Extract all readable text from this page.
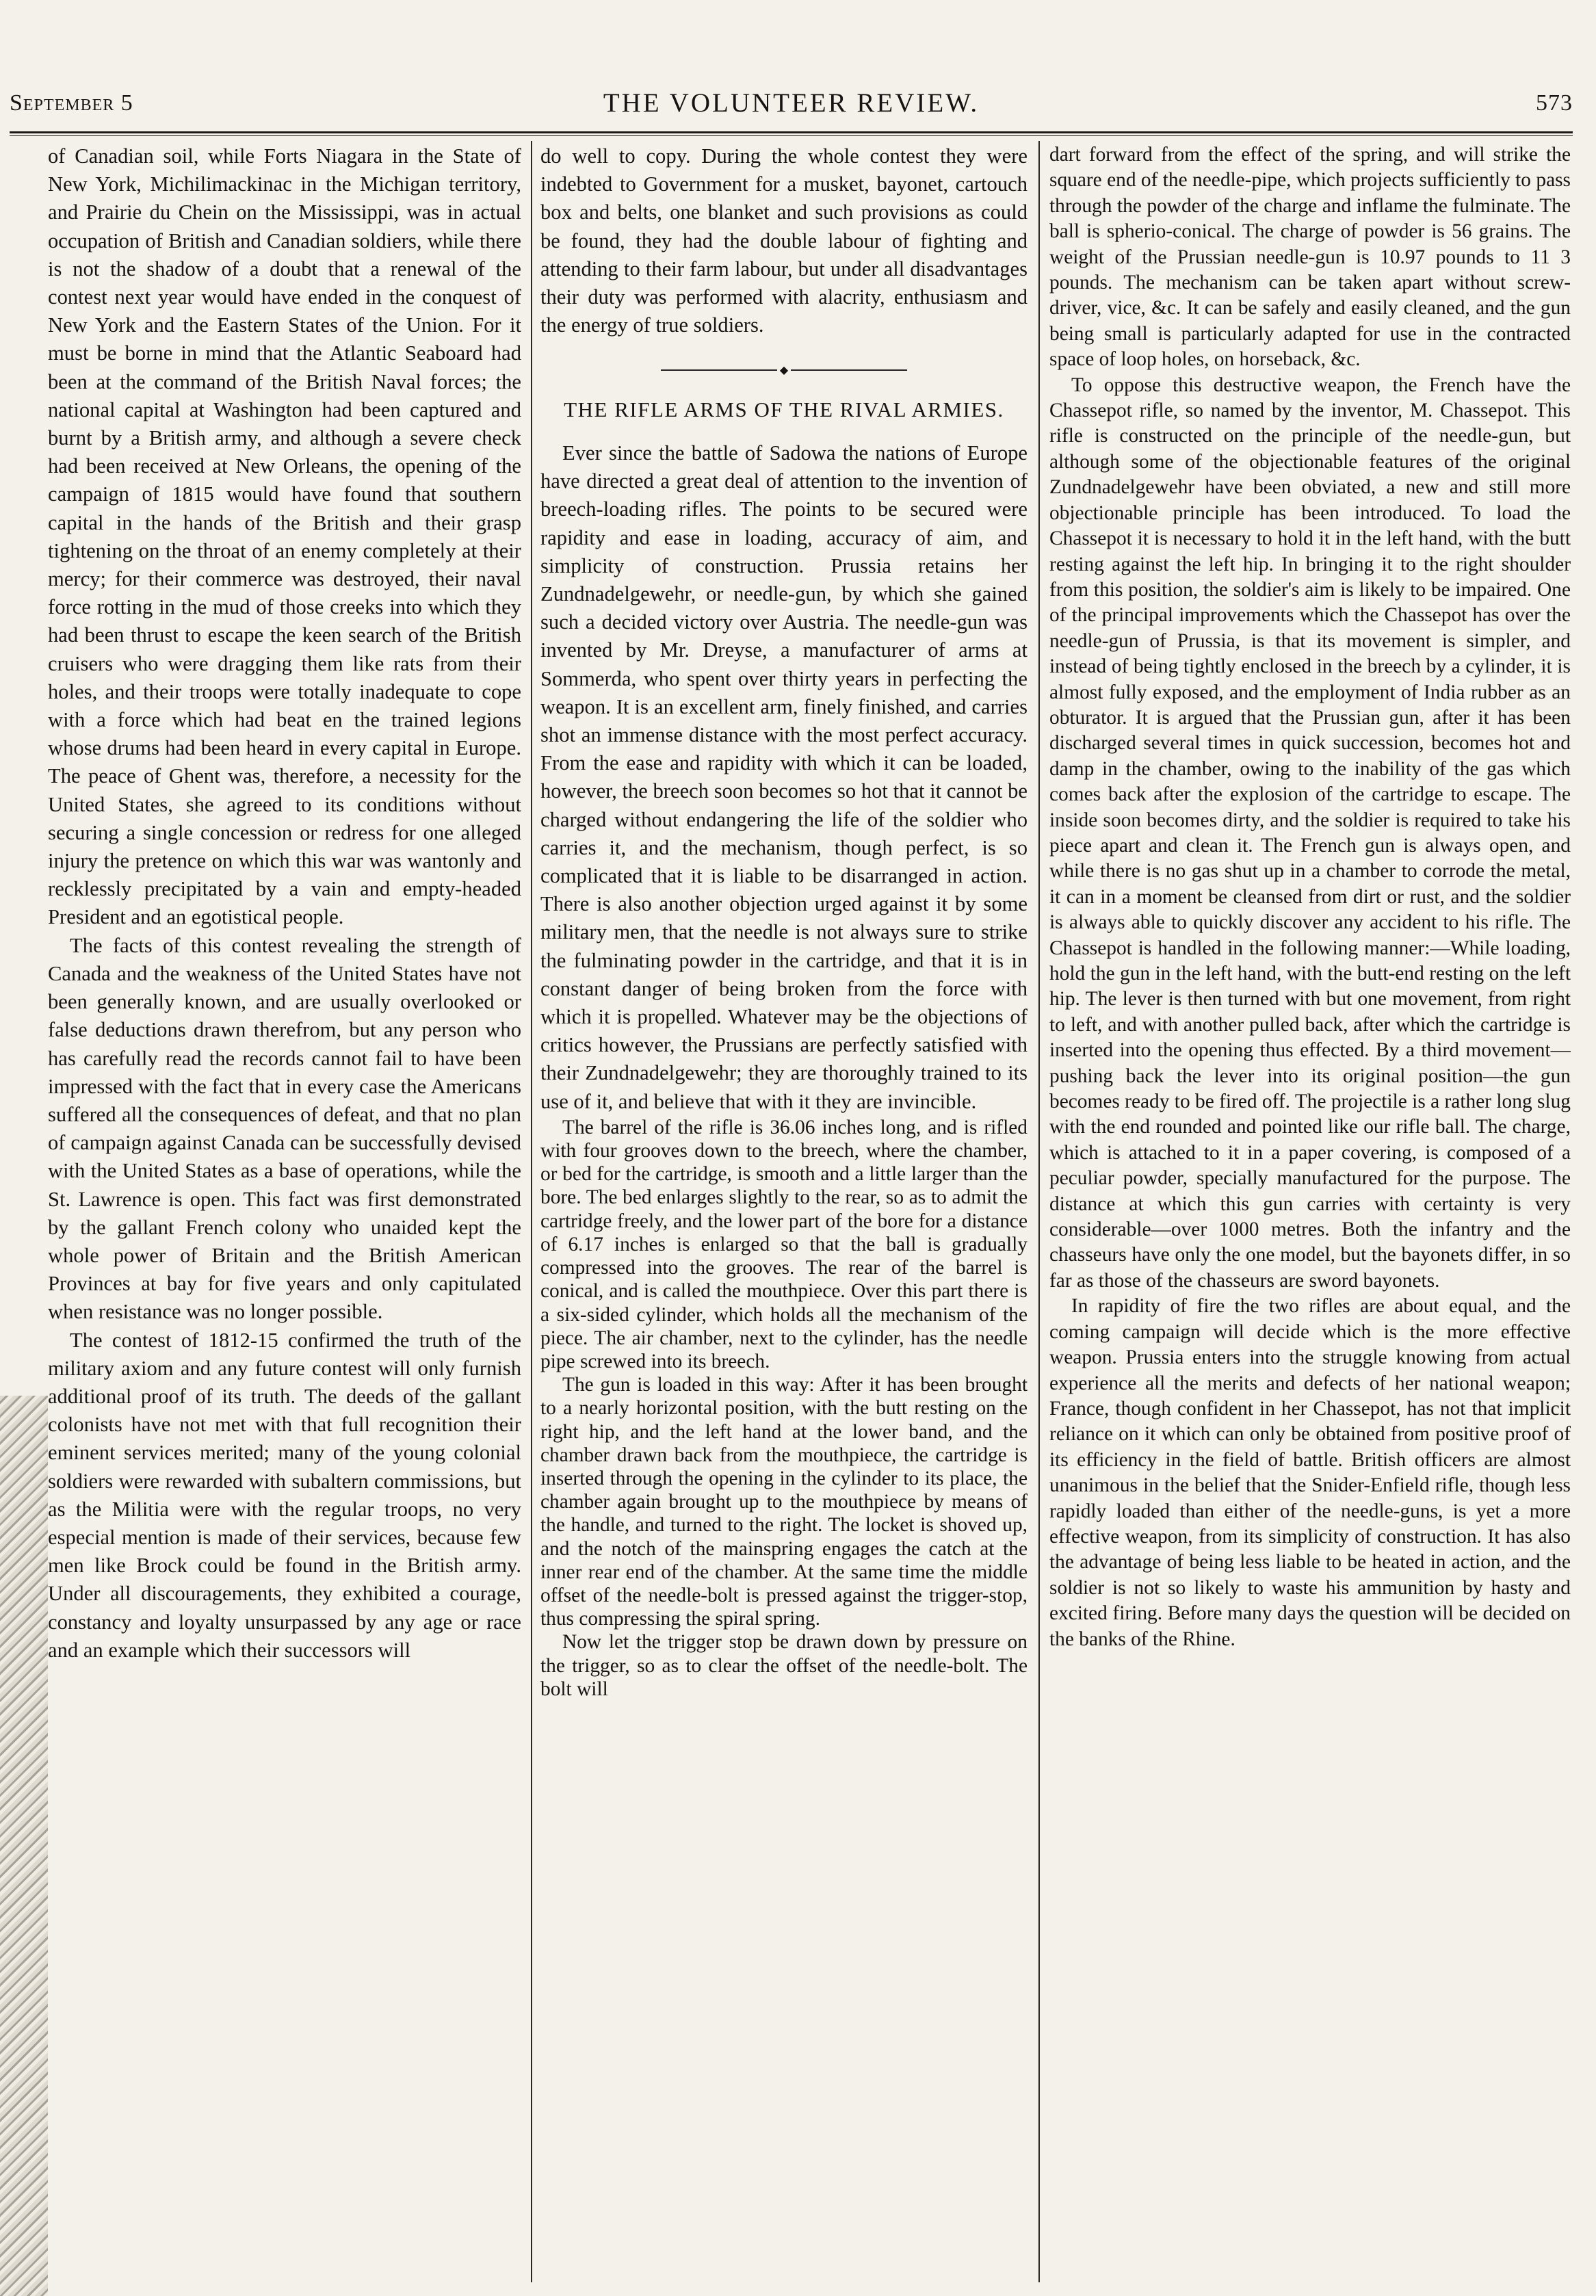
September 5	THE VOLUNTEER REVIEW.	573

of Canadian soil, while Forts Niagara in the State of New York, Michilimackinac in the Michigan territory, and Prairie du Chein on the Mississippi, was in actual occupation of British and Canadian soldiers, while there is not the shadow of a doubt that a renewal of the contest next year would have ended in the conquest of New York and the Eastern States of the Union. For it must be borne in mind that the Atlantic Seaboard had been at the command of the British Naval forces; the national capital at Washington had been captured and burnt by a British army, and although a severe check had been received at New Orleans, the opening of the campaign of 1815 would have found that southern capital in the hands of the British and their grasp tightening on the throat of an enemy completely at their mercy; for their commerce was destroyed, their naval force rotting in the mud of those creeks into which they had been thrust to escape the keen search of the British cruisers who were dragging them like rats from their holes, and their troops were totally inadequate to cope with a force which had beat en the trained legions whose drums had been heard in every capital in Europe. The peace of Ghent was, therefore, a necessity for the United States, she agreed to its conditions without securing a single concession or redress for one alleged injury the pretence on which this war was wantonly and recklessly precipitated by a vain and empty-headed President and an egotistical people.

The facts of this contest revealing the strength of Canada and the weakness of the United States have not been generally known, and are usually overlooked or false deductions drawn therefrom, but any person who has carefully read the records cannot fail to have been impressed with the fact that in every case the Americans suffered all the consequences of defeat, and that no plan of campaign against Canada can be successfully devised with the United States as a base of operations, while the St. Lawrence is open. This fact was first demonstrated by the gallant French colony who unaided kept the whole power of Britain and the British American Provinces at bay for five years and only capitulated when resistance was no longer possible.

The contest of 1812-15 confirmed the truth of the military axiom and any future contest will only furnish additional proof of its truth. The deeds of the gallant colonists have not met with that full recognition their eminent services merited; many of the young colonial soldiers were rewarded with subaltern commissions, but as the Militia were with the regular troops, no very especial mention is made of their services, because few men like Brock could be found in the British army. Under all discouragements, they exhibited a courage, constancy and loyalty unsurpassed by any age or race and an example which their successors will

do well to copy. During the whole contest they were indebted to Government for a musket, bayonet, cartouch box and belts, one blanket and such provisions as could be found, they had the double labour of fighting and attending to their farm labour, but under all disadvantages their duty was performed with alacrity, enthusiasm and the energy of true soldiers.

◆
THE RIFLE ARMS OF THE RIVAL ARMIES.

Ever since the battle of Sadowa the nations of Europe have directed a great deal of attention to the invention of breech-loading rifles. The points to be secured were rapidity and ease in loading, accuracy of aim, and simplicity of construction. Prussia retains her Zundnadelgewehr, or needle-gun, by which she gained such a decided victory over Austria. The needle-gun was invented by Mr. Dreyse, a manufacturer of arms at Sommerda, who spent over thirty years in perfecting the weapon. It is an excellent arm, finely finished, and carries shot an immense distance with the most perfect accuracy. From the ease and rapidity with which it can be loaded, however, the breech soon becomes so hot that it cannot be charged without endangering the life of the soldier who carries it, and the mechanism, though perfect, is so complicated that it is liable to be disarranged in action. There is also another objection urged against it by some military men, that the needle is not always sure to strike the fulminating powder in the cartridge, and that it is in constant danger of being broken from the force with which it is propelled. Whatever may be the objections of critics however, the Prussians are perfectly satisfied with their Zundnadelgewehr; they are thoroughly trained to its use of it, and believe that with it they are invincible.

The barrel of the rifle is 36.06 inches long, and is rifled with four grooves down to the breech, where the chamber, or bed for the cartridge, is smooth and a little larger than the bore. The bed enlarges slightly to the rear, so as to admit the cartridge freely, and the lower part of the bore for a distance of 6.17 inches is enlarged so that the ball is gradually compressed into the grooves. The rear of the barrel is conical, and is called the mouthpiece. Over this part there is a six-sided cylinder, which holds all the mechanism of the piece. The air chamber, next to the cylinder, has the needle pipe screwed into its breech.

The gun is loaded in this way: After it has been brought to a nearly horizontal position, with the butt resting on the right hip, and the left hand at the lower band, and the chamber drawn back from the mouthpiece, the cartridge is inserted through the opening in the cylinder to its place, the chamber again brought up to the mouthpiece by means of the handle, and turned to the right. The locket is shoved up, and the notch of the mainspring engages the catch at the inner rear end of the chamber. At the same time the middle offset of the needle-bolt is pressed against the trigger-stop, thus compressing the spiral spring.

Now let the trigger stop be drawn down by pressure on the trigger, so as to clear the offset of the needle-bolt. The bolt will

dart forward from the effect of the spring, and will strike the square end of the needle-pipe, which projects sufficiently to pass through the powder of the charge and inflame the fulminate. The ball is spherio-conical. The charge of powder is 56 grains. The weight of the Prussian needle-gun is 10.97 pounds to 11 3 pounds. The mechanism can be taken apart without screw-driver, vice, &c. It can be safely and easily cleaned, and the gun being small is particularly adapted for use in the contracted space of loop holes, on horseback, &c.

To oppose this destructive weapon, the French have the Chassepot rifle, so named by the inventor, M. Chassepot. This rifle is constructed on the principle of the needle-gun, but although some of the objectionable features of the original Zundnadelgewehr have been obviated, a new and still more objectionable principle has been introduced. To load the Chassepot it is necessary to hold it in the left hand, with the butt resting against the left hip. In bringing it to the right shoulder from this position, the soldier's aim is likely to be impaired. One of the principal improvements which the Chassepot has over the needle-gun of Prussia, is that its movement is simpler, and instead of being tightly enclosed in the breech by a cylinder, it is almost fully exposed, and the employment of India rubber as an obturator. It is argued that the Prussian gun, after it has been discharged several times in quick succession, becomes hot and damp in the chamber, owing to the inability of the gas which comes back after the explosion of the cartridge to escape. The inside soon becomes dirty, and the soldier is required to take his piece apart and clean it. The French gun is always open, and while there is no gas shut up in a chamber to corrode the metal, it can in a moment be cleansed from dirt or rust, and the soldier is always able to quickly discover any accident to his rifle. The Chassepot is handled in the following manner:—While loading, hold the gun in the left hand, with the butt-end resting on the left hip. The lever is then turned with but one movement, from right to left, and with another pulled back, after which the cartridge is inserted into the opening thus effected. By a third movement—pushing back the lever into its original position—the gun becomes ready to be fired off. The projectile is a rather long slug with the end rounded and pointed like our rifle ball. The charge, which is attached to it in a paper covering, is composed of a peculiar powder, specially manufactured for the purpose. The distance at which this gun carries with certainty is very considerable—over 1000 metres. Both the infantry and the chasseurs have only the one model, but the bayonets differ, in so far as those of the chasseurs are sword bayonets.

In rapidity of fire the two rifles are about equal, and the coming campaign will decide which is the more effective weapon. Prussia enters into the struggle knowing from actual experience all the merits and defects of her national weapon; France, though confident in her Chassepot, has not that implicit reliance on it which can only be obtained from positive proof of its efficiency in the field of battle. British officers are almost unanimous in the belief that the Snider-Enfield rifle, though less rapidly loaded than either of the needle-guns, is yet a more effective weapon, from its simplicity of construction. It has also the advantage of being less liable to be heated in action, and the soldier is not so likely to waste his ammunition by hasty and excited firing. Before many days the question will be decided on the banks of the Rhine.
